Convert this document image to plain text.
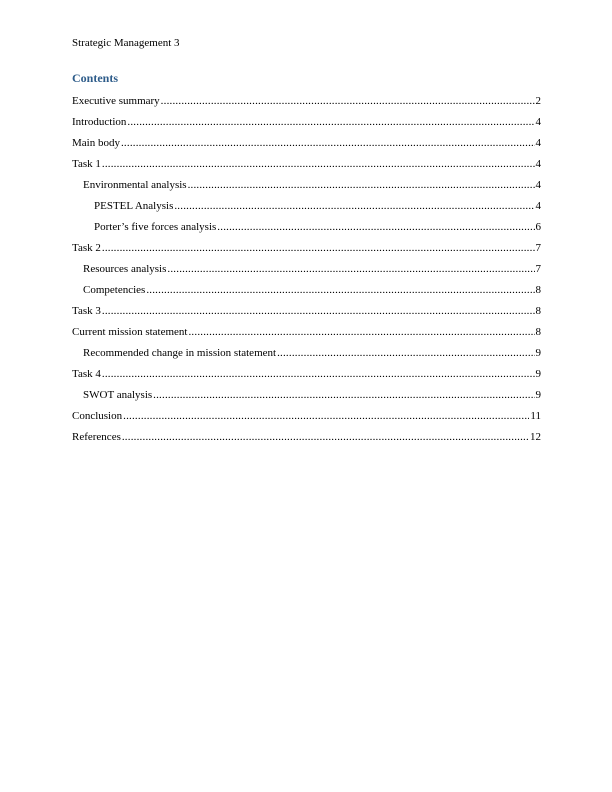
Strategic Management 3
Contents
Executive summary .....	2
Introduction .....	4
Main body .....	4
Task 1 .....	4
Environmental analysis .....	4
PESTEL Analysis .....	4
Porter’s five forces analysis .....	6
Task 2 .....	7
Resources analysis .....	7
Competencies .....	8
Task 3 .....	8
Current mission statement .....	8
Recommended change in mission statement .....	9
Task 4 .....	9
SWOT analysis .....	9
Conclusion .....	11
References .....	12
